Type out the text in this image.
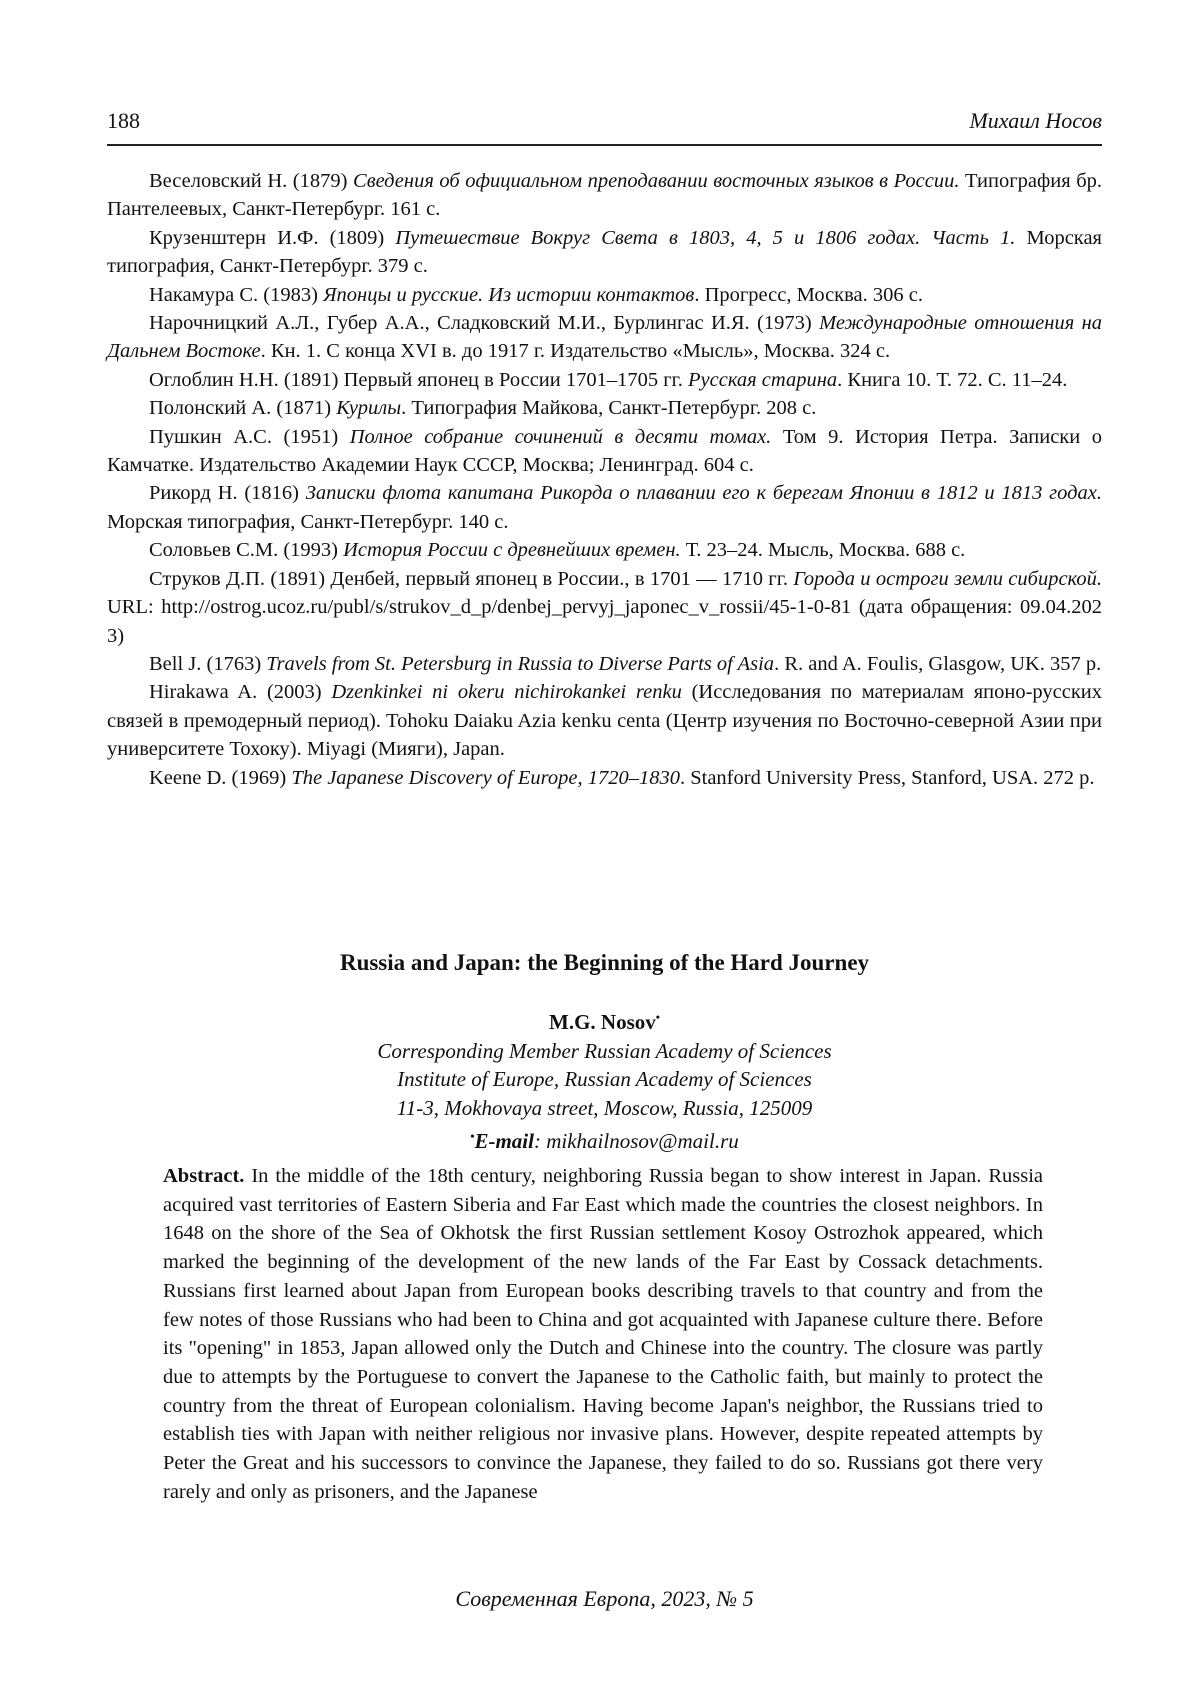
188	Михаил Носов

Веселовский Н. (1879) Сведения об официальном преподавании восточных языков в России. Типография бр. Пантелеевых, Санкт-Петербург. 161 с.

Крузенштерн И.Ф. (1809) Путешествие Вокруг Света в 1803, 4, 5 и 1806 годах. Часть 1. Морская типография, Санкт-Петербург. 379 с.

Накамура С. (1983) Японцы и русские. Из истории контактов. Прогресс, Москва. 306 с.

Нарочницкий А.Л., Губер А.А., Сладковский М.И., Бурлингас И.Я. (1973) Международные отношения на Дальнем Востоке. Кн. 1. С конца XVI в. до 1917 г. Издательство «Мысль», Москва. 324 с.

Оглоблин Н.Н. (1891) Первый японец в России 1701–1705 гг. Русская старина. Книга 10. Т. 72. С. 11–24.

Полонский А. (1871) Курилы. Типография Майкова, Санкт-Петербург. 208 с.

Пушкин А.С. (1951) Полное собрание сочинений в десяти томах. Том 9. История Петра. Записки о Камчатке. Издательство Академии Наук СССР, Москва; Ленинград. 604 с.

Рикорд Н. (1816) Записки флота капитана Рикорда о плавании его к берегам Японии в 1812 и 1813 годах. Морская типография, Санкт-Петербург. 140 с.

Соловьев С.М. (1993) История России с древнейших времен. Т. 23–24. Мысль, Москва. 688 с.

Струков Д.П. (1891) Денбей, первый японец в России., в 1701 — 1710 гг. Города и остроги земли сибирской. URL: http://ostrog.ucoz.ru/publ/s/strukov_d_p/denbej_pervyj_japonec_v_rossii/45-1-0-81 (дата обращения: 09.04.2023)

Bell J. (1763) Travels from St. Petersburg in Russia to Diverse Parts of Asia. R. and A. Foulis, Glasgow, UK. 357 p.

Hirakawa A. (2003) Dzenkinkei ni okeru nichirokankei renku (Исследования по материалам японо-русских связей в премодерный период). Tohoku Daiaku Azia kenku centa (Центр изучения по Восточно-северной Азии при университете Тохоку). Miyagi (Мияги), Japan.

Keene D. (1969) The Japanese Discovery of Europe, 1720–1830. Stanford University Press, Stanford, USA. 272 p.

Russia and Japan: the Beginning of the Hard Journey
M.G. Nosov•
Corresponding Member Russian Academy of Sciences
Institute of Europe, Russian Academy of Sciences
11-3, Mokhovaya street, Moscow, Russia, 125009
•E-mail: mikhailnosov@mail.ru
Abstract. In the middle of the 18th century, neighboring Russia began to show interest in Japan. Russia acquired vast territories of Eastern Siberia and Far East which made the countries the closest neighbors. In 1648 on the shore of the Sea of Okhotsk the first Russian settlement Kosoy Ostrozhok appeared, which marked the beginning of the development of the new lands of the Far East by Cossack detachments. Russians first learned about Japan from European books describing travels to that country and from the few notes of those Russians who had been to China and got acquainted with Japanese culture there. Before its "opening" in 1853, Japan allowed only the Dutch and Chinese into the country. The closure was partly due to attempts by the Portuguese to convert the Japanese to the Catholic faith, but mainly to protect the country from the threat of European colonialism. Having become Japan's neighbor, the Russians tried to establish ties with Japan with neither religious nor invasive plans. However, despite repeated attempts by Peter the Great and his successors to convince the Japanese, they failed to do so. Russians got there very rarely and only as prisoners, and the Japanese
Современная Европа, 2023, № 5
